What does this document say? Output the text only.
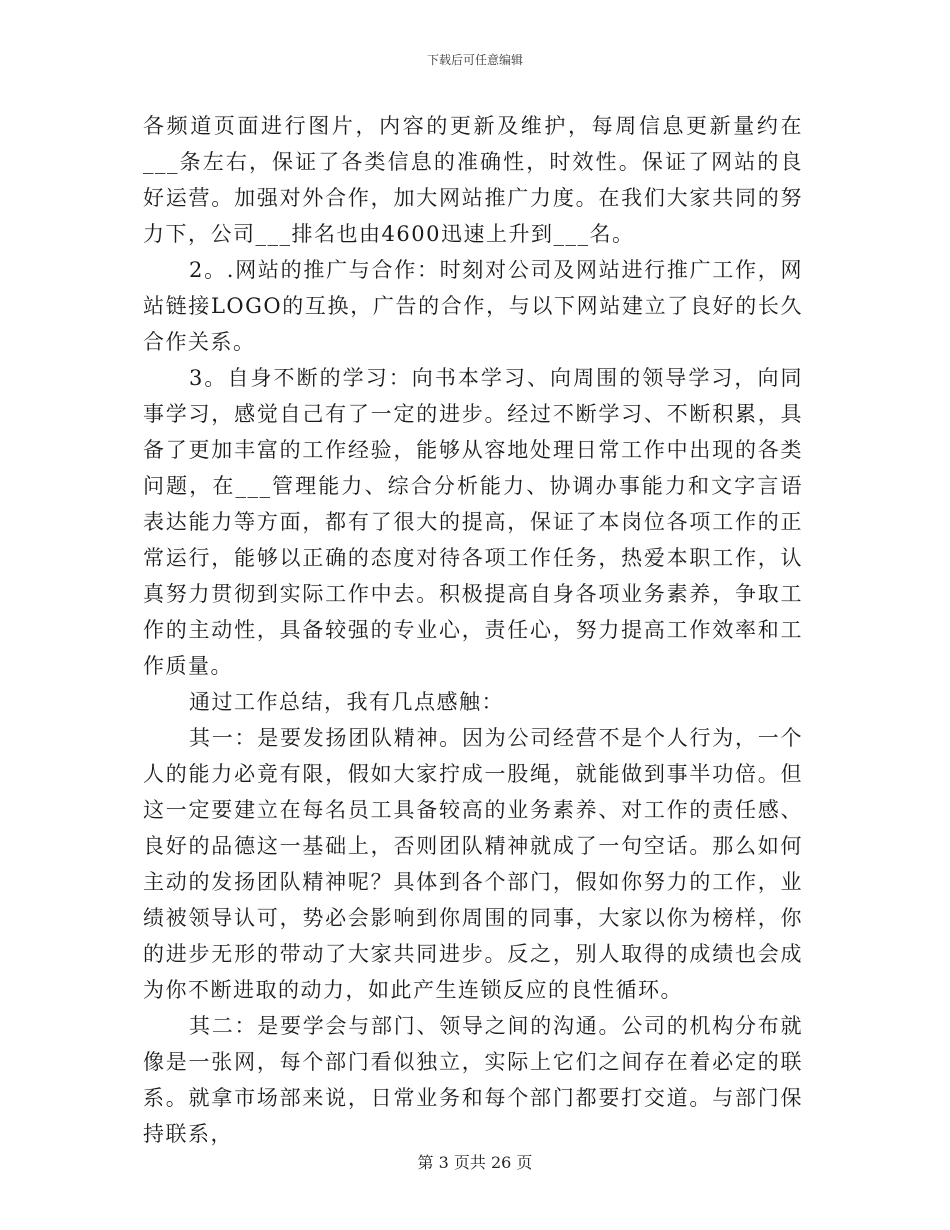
下载后可任意编辑

各频道页面进行图片，内容的更新及维护，每周信息更新量约在___条左右，保证了各类信息的准确性，时效性。保证了网站的良好运营。加强对外合作，加大网站推广力度。在我们大家共同的努力下，公司___排名也由4600迅速上升到___名。

2。.网站的推广与合作：时刻对公司及网站进行推广工作，网站链接LOGO的互换，广告的合作，与以下网站建立了良好的长久合作关系。

3。自身不断的学习：向书本学习、向周围的领导学习，向同事学习，感觉自己有了一定的进步。经过不断学习、不断积累，具备了更加丰富的工作经验，能够从容地处理日常工作中出现的各类问题，在___管理能力、综合分析能力、协调办事能力和文字言语表达能力等方面，都有了很大的提高，保证了本岗位各项工作的正常运行，能够以正确的态度对待各项工作任务，热爱本职工作，认真努力贯彻到实际工作中去。积极提高自身各项业务素养，争取工作的主动性，具备较强的专业心，责任心，努力提高工作效率和工作质量。

通过工作总结，我有几点感触：

其一：是要发扬团队精神。因为公司经营不是个人行为，一个人的能力必竟有限，假如大家拧成一股绳，就能做到事半功倍。但这一定要建立在每名员工具备较高的业务素养、对工作的责任感、良好的品德这一基础上，否则团队精神就成了一句空话。那么如何主动的发扬团队精神呢？具体到各个部门，假如你努力的工作，业绩被领导认可，势必会影响到你周围的同事，大家以你为榜样，你的进步无形的带动了大家共同进步。反之，别人取得的成绩也会成为你不断进取的动力，如此产生连锁反应的良性循环。

其二：是要学会与部门、领导之间的沟通。公司的机构分布就像是一张网，每个部门看似独立，实际上它们之间存在着必定的联系。就拿市场部来说，日常业务和每个部门都要打交道。与部门保持联系，

第 3 页共 26 页
